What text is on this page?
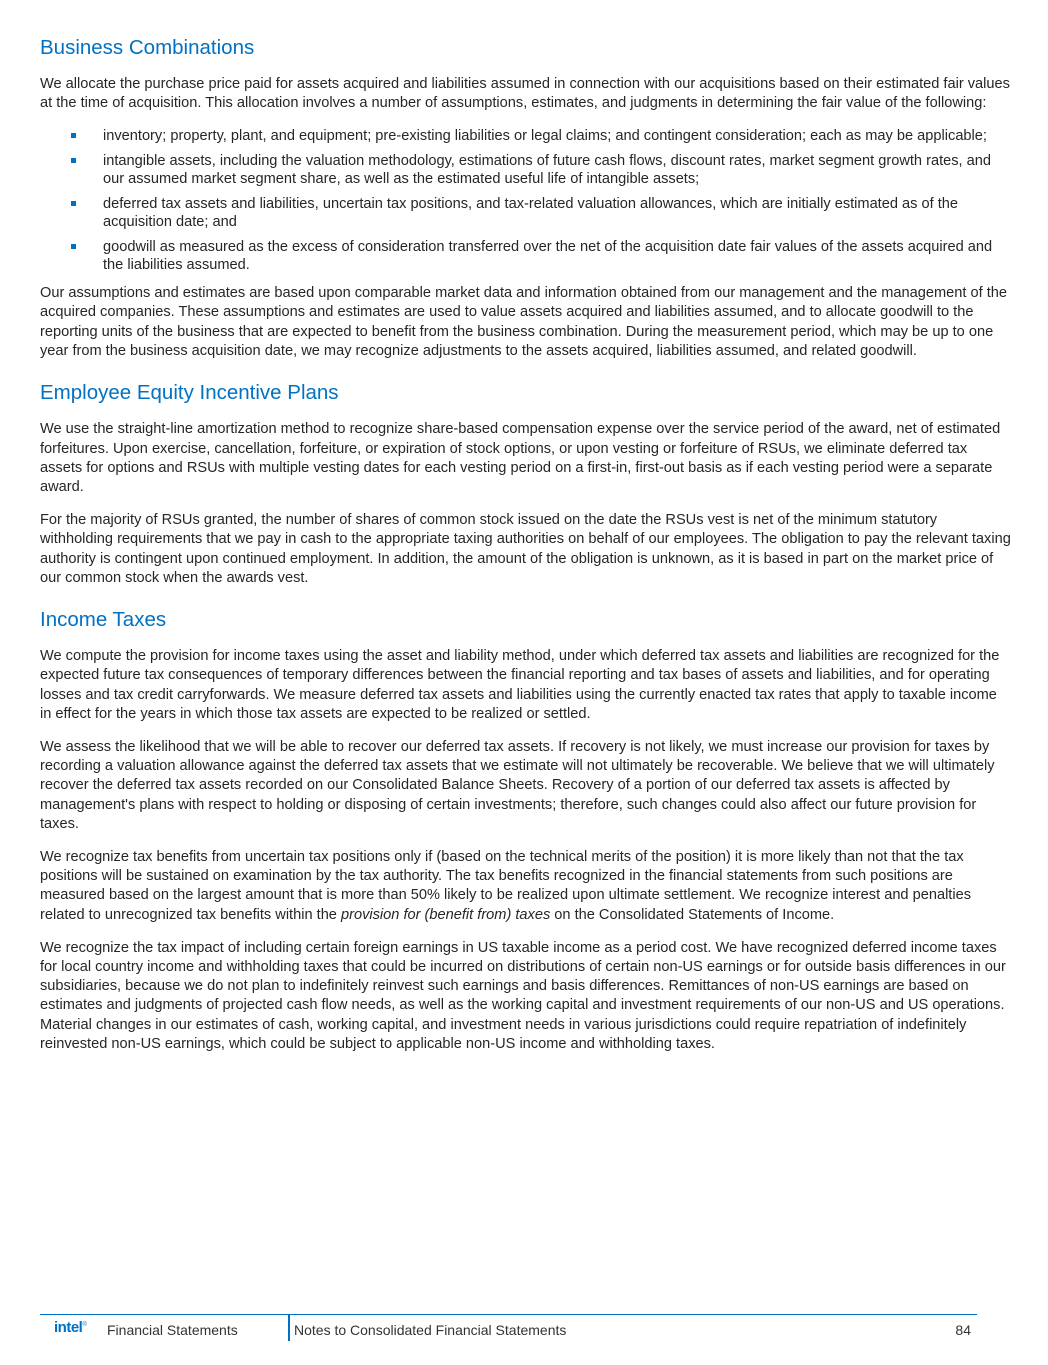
Business Combinations

We allocate the purchase price paid for assets acquired and liabilities assumed in connection with our acquisitions based on their estimated fair values at the time of acquisition. This allocation involves a number of assumptions, estimates, and judgments in determining the fair value of the following:

inventory; property, plant, and equipment; pre-existing liabilities or legal claims; and contingent consideration; each as may be applicable;
intangible assets, including the valuation methodology, estimations of future cash flows, discount rates, market segment growth rates, and our assumed market segment share, as well as the estimated useful life of intangible assets;
deferred tax assets and liabilities, uncertain tax positions, and tax-related valuation allowances, which are initially estimated as of the acquisition date; and
goodwill as measured as the excess of consideration transferred over the net of the acquisition date fair values of the assets acquired and the liabilities assumed.

Our assumptions and estimates are based upon comparable market data and information obtained from our management and the management of the acquired companies. These assumptions and estimates are used to value assets acquired and liabilities assumed, and to allocate goodwill to the reporting units of the business that are expected to benefit from the business combination. During the measurement period, which may be up to one year from the business acquisition date, we may recognize adjustments to the assets acquired, liabilities assumed, and related goodwill.

Employee Equity Incentive Plans

We use the straight-line amortization method to recognize share-based compensation expense over the service period of the award, net of estimated forfeitures. Upon exercise, cancellation, forfeiture, or expiration of stock options, or upon vesting or forfeiture of RSUs, we eliminate deferred tax assets for options and RSUs with multiple vesting dates for each vesting period on a first-in, first-out basis as if each vesting period were a separate award.

For the majority of RSUs granted, the number of shares of common stock issued on the date the RSUs vest is net of the minimum statutory withholding requirements that we pay in cash to the appropriate taxing authorities on behalf of our employees. The obligation to pay the relevant taxing authority is contingent upon continued employment. In addition, the amount of the obligation is unknown, as it is based in part on the market price of our common stock when the awards vest.

Income Taxes

We compute the provision for income taxes using the asset and liability method, under which deferred tax assets and liabilities are recognized for the expected future tax consequences of temporary differences between the financial reporting and tax bases of assets and liabilities, and for operating losses and tax credit carryforwards. We measure deferred tax assets and liabilities using the currently enacted tax rates that apply to taxable income in effect for the years in which those tax assets are expected to be realized or settled.

We assess the likelihood that we will be able to recover our deferred tax assets. If recovery is not likely, we must increase our provision for taxes by recording a valuation allowance against the deferred tax assets that we estimate will not ultimately be recoverable. We believe that we will ultimately recover the deferred tax assets recorded on our Consolidated Balance Sheets. Recovery of a portion of our deferred tax assets is affected by management's plans with respect to holding or disposing of certain investments; therefore, such changes could also affect our future provision for taxes.

We recognize tax benefits from uncertain tax positions only if (based on the technical merits of the position) it is more likely than not that the tax positions will be sustained on examination by the tax authority. The tax benefits recognized in the financial statements from such positions are measured based on the largest amount that is more than 50% likely to be realized upon ultimate settlement. We recognize interest and penalties related to unrecognized tax benefits within the provision for (benefit from) taxes on the Consolidated Statements of Income.

We recognize the tax impact of including certain foreign earnings in US taxable income as a period cost. We have recognized deferred income taxes for local country income and withholding taxes that could be incurred on distributions of certain non-US earnings or for outside basis differences in our subsidiaries, because we do not plan to indefinitely reinvest such earnings and basis differences. Remittances of non-US earnings are based on estimates and judgments of projected cash flow needs, as well as the working capital and investment requirements of our non-US and US operations. Material changes in our estimates of cash, working capital, and investment needs in various jurisdictions could require repatriation of indefinitely reinvested non-US earnings, which could be subject to applicable non-US income and withholding taxes.

intel® Financial Statements	Notes to Consolidated Financial Statements	84
